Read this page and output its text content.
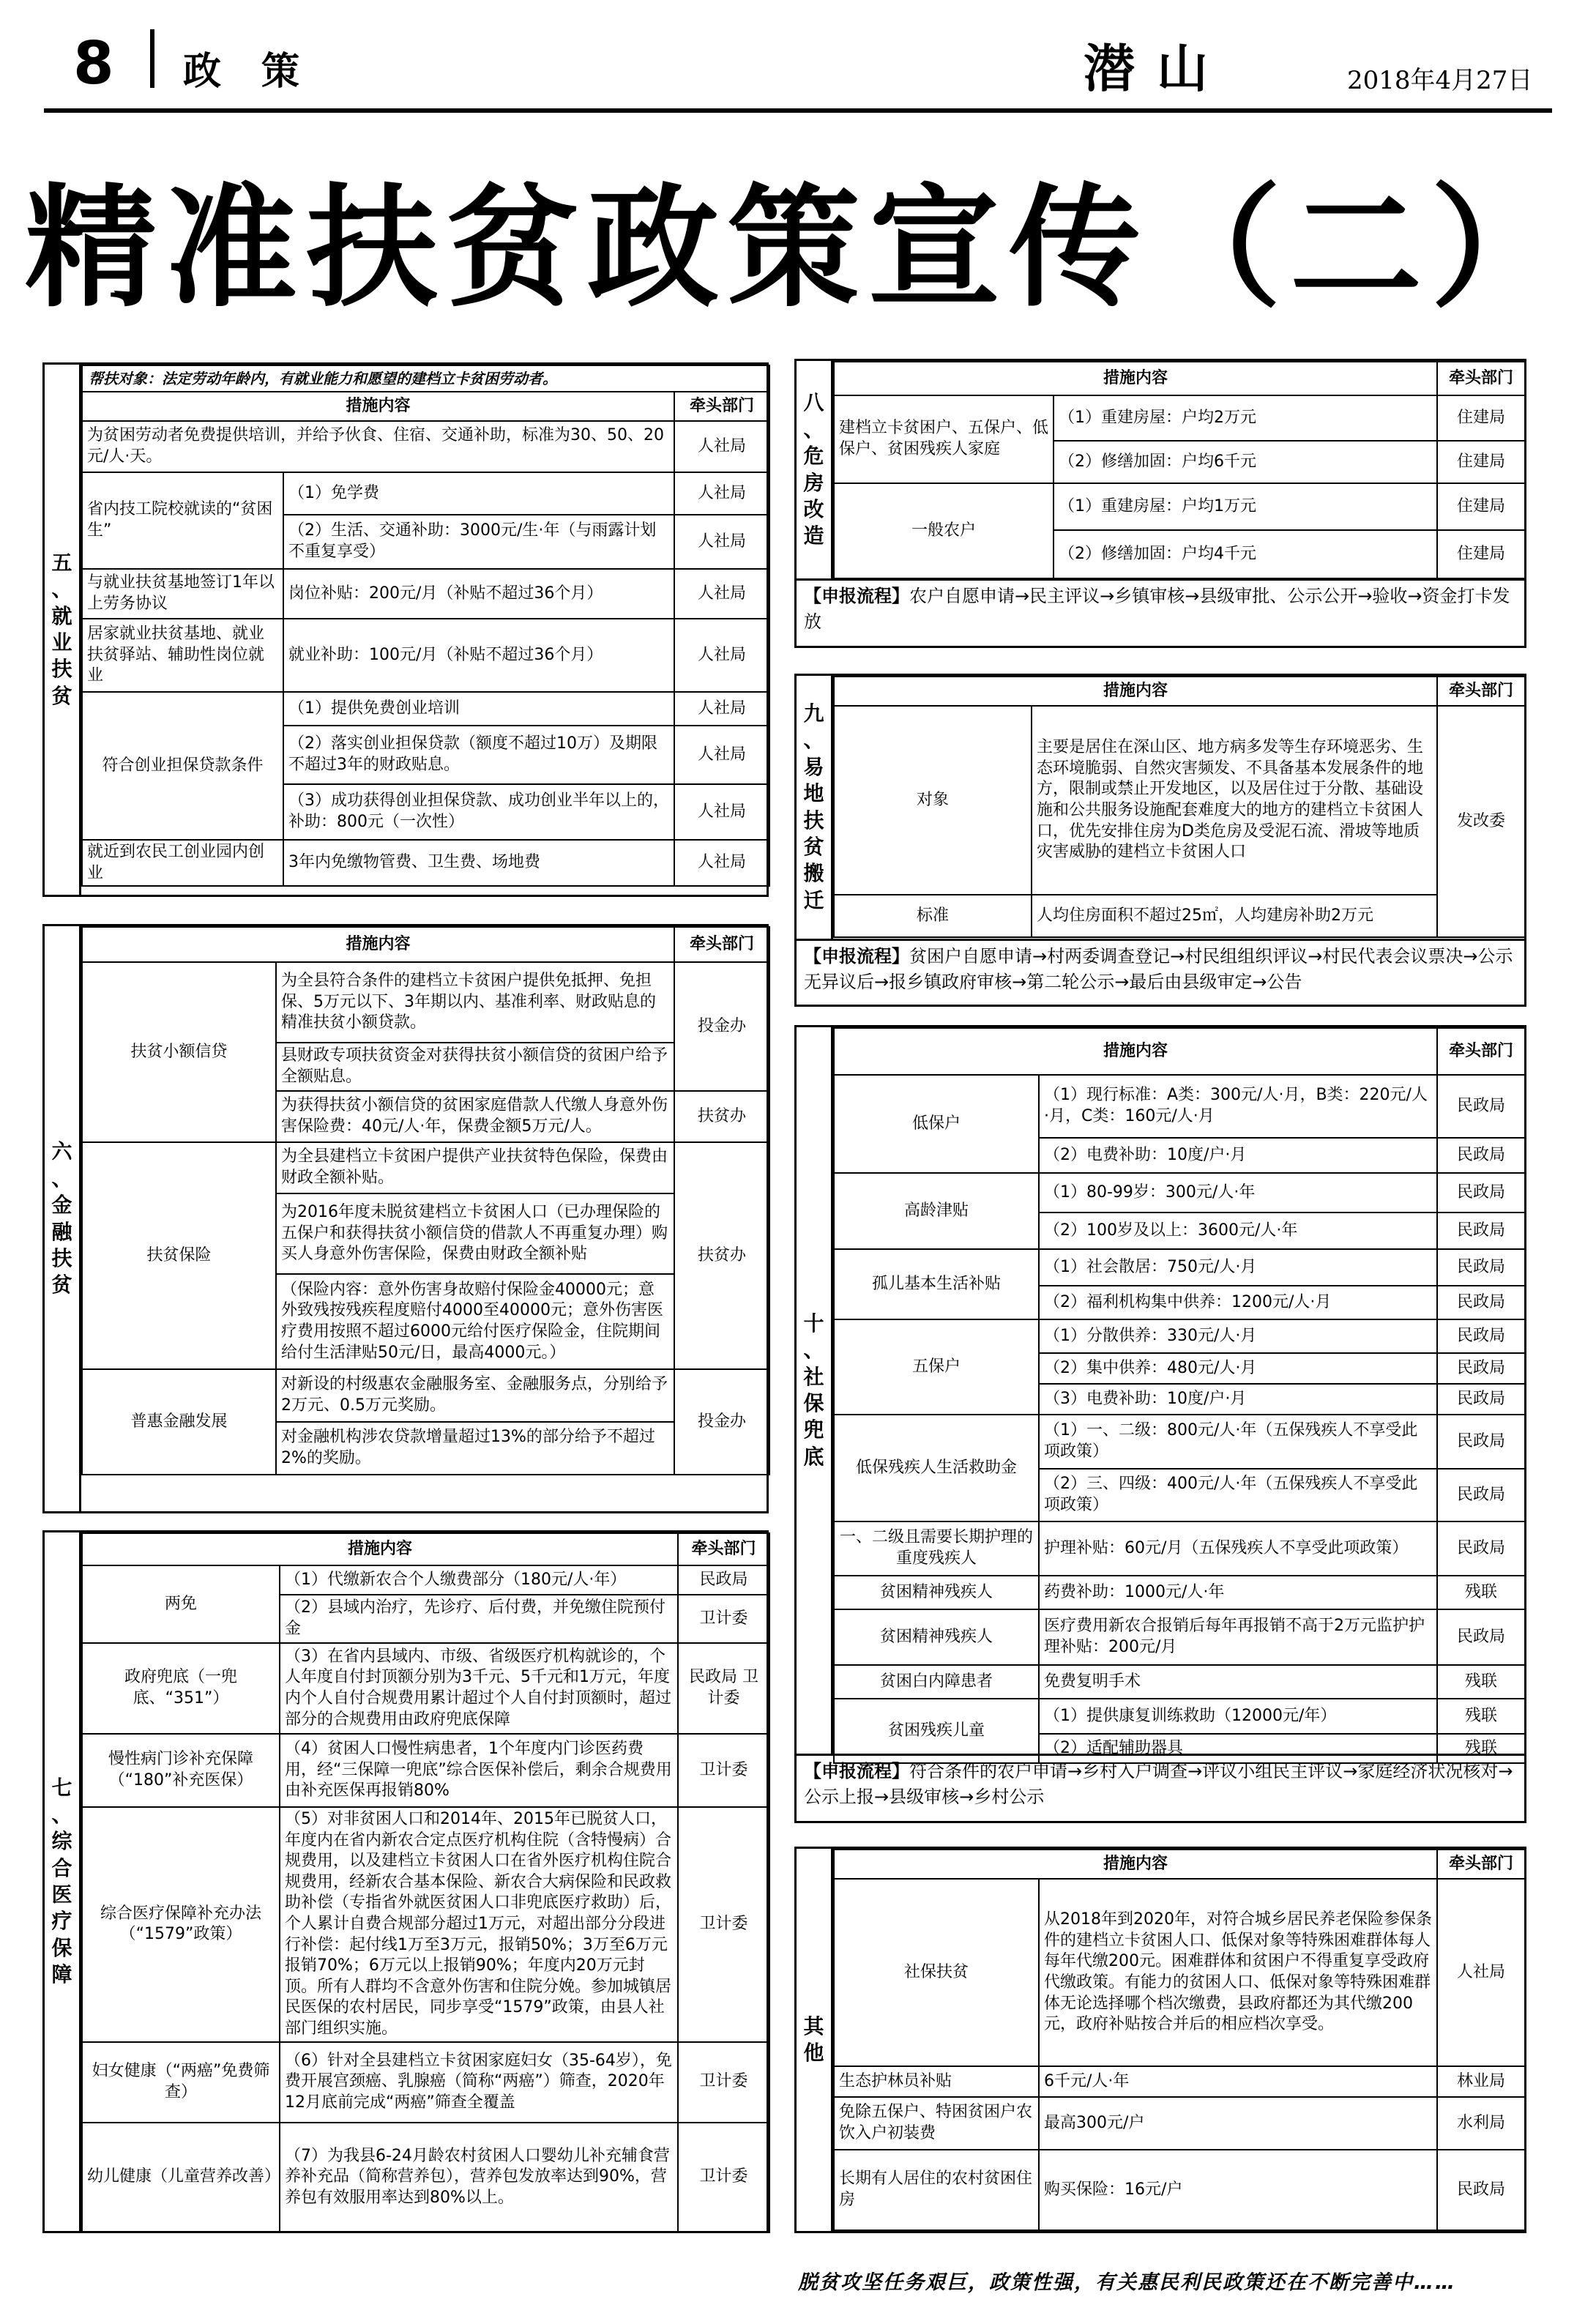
8 政策	潜山	2018年4月27日
精准扶贫政策宣传（二）
五
、
就
业
扶
贫
帮扶对象：法定劳动年龄内，有就业能力和愿望的建档立卡贫困劳动者。		
措施内容		牵头部门
为贫困劳动者免费提供培训，并给予伙食、住宿、交通补助，标准为30、50、20元/人·天。		人社局
省内技工院校就读的“贫困生”	（1）免学费	人社局
	（2）生活、交通补助：3000元/生·年（与雨露计划不重复享受）	人社局
与就业扶贫基地签订1年以上劳务协议	岗位补贴：200元/月（补贴不超过36个月）	人社局
居家就业扶贫基地、就业扶贫驿站、辅助性岗位就业	就业补助：100元/月（补贴不超过36个月）	人社局
符合创业担保贷款条件	（1）提供免费创业培训	人社局
	（2）落实创业担保贷款（额度不超过10万）及期限不超过3年的财政贴息。	人社局
	（3）成功获得创业担保贷款、成功创业半年以上的，补助：800元（一次性）	人社局
就近到农民工创业园内创业	3年内免缴物管费、卫生费、场地费	人社局
六
、
金
融
扶
贫
措施内容		牵头部门
扶贫小额信贷	为全县符合条件的建档立卡贫困户提供免抵押、免担保、5万元以下、3年期以内、基准利率、财政贴息的精准扶贫小额贷款。	投金办
	县财政专项扶贫资金对获得扶贫小额信贷的贫困户给予全额贴息。	
	为获得扶贫小额信贷的贫困家庭借款人代缴人身意外伤害保险费：40元/人·年，保费金额5万元/人。	扶贫办
扶贫保险	为全县建档立卡贫困户提供产业扶贫特色保险，保费由财政全额补贴。	扶贫办
	为2016年度未脱贫建档立卡贫困人口（已办理保险的五保户和获得扶贫小额信贷的借款人不再重复办理）购买人身意外伤害保险，保费由财政全额补贴	
	（保险内容：意外伤害身故赔付保险金40000元；意外致残按残疾程度赔付4000至40000元；意外伤害医疗费用按照不超过6000元给付医疗保险金，住院期间给付生活津贴50元/日，最高4000元。）	
普惠金融发展	对新设的村级惠农金融服务室、金融服务点，分别给予2万元、0.5万元奖励。	投金办
	对金融机构涉农贷款增量超过13%的部分给予不超过2%的奖励。	
七
、
综
合
医
疗
保
障
措施内容		牵头部门
两免	（1）代缴新农合个人缴费部分（180元/人·年）	民政局
	（2）县域内治疗，先诊疗、后付费，并免缴住院预付金	卫计委
政府兜底（一兜底、“351”）	（3）在省内县域内、市级、省级医疗机构就诊的，个人年度自付封顶额分别为3千元、5千元和1万元，年度内个人自付合规费用累计超过个人自付封顶额时，超过部分的合规费用由政府兜底保障	民政局 卫计委
慢性病门诊补充保障（“180”补充医保）	（4）贫困人口慢性病患者，1个年度内门诊医药费用，经“三保障一兜底”综合医保补偿后，剩余合规费用由补充医保再报销80%	卫计委
综合医疗保障补充办法（“1579”政策）	（5）对非贫困人口和2014年、2015年已脱贫人口，年度内在省内新农合定点医疗机构住院（含特慢病）合规费用，以及建档立卡贫困人口在省外医疗机构住院合规费用，经新农合基本保险、新农合大病保险和民政救助补偿（专指省外就医贫困人口非兜底医疗救助）后，个人累计自费合规部分超过1万元，对超出部分分段进行补偿：起付线1万至3万元，报销50%；3万至6万元报销70%；6万元以上报销90%；年度内20万元封顶。所有人群均不含意外伤害和住院分娩。参加城镇居民医保的农村居民，同步享受“1579”政策，由县人社部门组织实施。	卫计委
妇女健康（“两癌”免费筛查）	（6）针对全县建档立卡贫困家庭妇女（35-64岁），免费开展宫颈癌、乳腺癌（简称“两癌”）筛查，2020年12月底前完成“两癌”筛查全覆盖	卫计委
幼儿健康（儿童营养改善）	（7）为我县6-24月龄农村贫困人口婴幼儿补充辅食营养补充品（简称营养包），营养包发放率达到90%，营养包有效服用率达到80%以上。	卫计委
八
、
危
房
改
造
措施内容		牵头部门
建档立卡贫困户、五保户、低保户、贫困残疾人家庭	（1）重建房屋：户均2万元	住建局
	（2）修缮加固：户均6千元	住建局
一般农户	（1）重建房屋：户均1万元	住建局
	（2）修缮加固：户均4千元	住建局
【申报流程】农户自愿申请→民主评议→乡镇审核→县级审批、公示公开→验收→资金打卡发放
九
、
易
地
扶
贫
搬
迁
措施内容		牵头部门
对象	主要是居住在深山区、地方病多发等生存环境恶劣、生态环境脆弱、自然灾害频发、不具备基本发展条件的地方，限制或禁止开发地区，以及居住过于分散、基础设施和公共服务设施配套难度大的地方的建档立卡贫困人口，优先安排住房为D类危房及受泥石流、滑坡等地质灾害威胁的建档立卡贫困人口	发改委
标准	人均住房面积不超过25㎡，人均建房补助2万元	
【申报流程】贫困户自愿申请→村两委调查登记→村民组组织评议→村民代表会议票决→公示无异议后→报乡镇政府审核→第二轮公示→最后由县级审定→公告
十
、
社
保
兜
底
措施内容		牵头部门
低保户	（1）现行标准：A类：300元/人·月，B类：220元/人·月，C类：160元/人·月	民政局
	（2）电费补助：10度/户·月	民政局
高龄津贴	（1）80-99岁：300元/人·年	民政局
	（2）100岁及以上：3600元/人·年	民政局
孤儿基本生活补贴	（1）社会散居：750元/人·月	民政局
	（2）福利机构集中供养：1200元/人·月	民政局
五保户	（1）分散供养：330元/人·月	民政局
	（2）集中供养：480元/人·月	民政局
	（3）电费补助：10度/户·月	民政局
低保残疾人生活救助金	（1）一、二级：800元/人·年（五保残疾人不享受此项政策）	民政局
	（2）三、四级：400元/人·年（五保残疾人不享受此项政策）	民政局
一、二级且需要长期护理的重度残疾人	护理补贴：60元/月（五保残疾人不享受此项政策）	民政局
贫困精神残疾人	药费补助：1000元/人·年	残联
贫困精神残疾人	医疗费用新农合报销后每年再报销不高于2万元监护护理补贴：200元/月	民政局
贫困白内障患者	免费复明手术	残联
贫困残疾儿童	（1）提供康复训练救助（12000元/年）	残联
	（2）适配辅助器具	残联
【申报流程】符合条件的农户申请→乡村入户调查→评议小组民主评议→家庭经济状况核对→公示上报→县级审核→乡村公示
其
他
措施内容		牵头部门
社保扶贫	从2018年到2020年，对符合城乡居民养老保险参保条件的建档立卡贫困人口、低保对象等特殊困难群体每人每年代缴200元。困难群体和贫困户不得重复享受政府代缴政策。有能力的贫困人口、低保对象等特殊困难群体无论选择哪个档次缴费，县政府都还为其代缴200元，政府补贴按合并后的相应档次享受。	人社局
生态护林员补贴	6千元/人·年	林业局
免除五保户、特困贫困户农饮入户初装费	最高300元/户	水利局
长期有人居住的农村贫困住房	购买保险：16元/户	民政局
脱贫攻坚任务艰巨，政策性强，有关惠民利民政策还在不断完善中……
